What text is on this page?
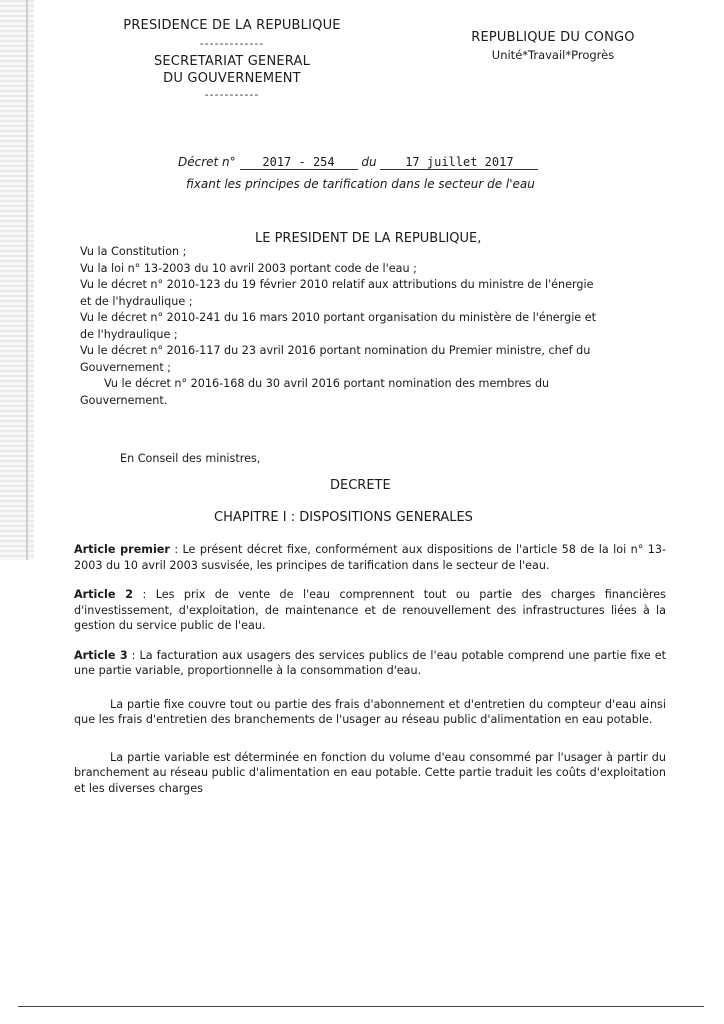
PRESIDENCE DE LA REPUBLIQUE
-------------
SECRETARIAT GENERAL
DU GOUVERNEMENT
-----------
REPUBLIQUE DU CONGO
Unité*Travail*Progrès
Décret n° 2017 - 254 du 17 juillet 2017
fixant les principes de tarification dans le secteur de l'eau
LE PRESIDENT DE LA REPUBLIQUE,

Vu la Constitution ;

Vu la loi n° 13-2003 du 10 avril 2003 portant code de l'eau ;

Vu le décret n° 2010-123 du 19 février 2010 relatif aux attributions du ministre de l'énergie

et de l'hydraulique ;

Vu le décret n° 2010-241 du 16 mars 2010 portant organisation du ministère de l'énergie et

de l'hydraulique ;

Vu le décret n° 2016-117 du 23 avril 2016 portant nomination du Premier ministre, chef du

Gouvernement ;

Vu le décret n° 2016-168 du 30 avril 2016 portant nomination des membres du

Gouvernement.

En Conseil des ministres,
DECRETE
CHAPITRE I : DISPOSITIONS GENERALES

Article premier : Le présent décret fixe, conformément aux dispositions de l'article 58 de la loi n° 13-2003 du 10 avril 2003 susvisée, les principes de tarification dans le secteur de l'eau.

Article 2 : Les prix de vente de l'eau comprennent tout ou partie des charges financières d'investissement, d'exploitation, de maintenance et de renouvellement des infrastructures liées à la gestion du service public de l'eau.

Article 3 : La facturation aux usagers des services publics de l'eau potable comprend une partie fixe et une partie variable, proportionnelle à la consommation d'eau.

La partie fixe couvre tout ou partie des frais d'abonnement et d'entretien du compteur d'eau ainsi que les frais d'entretien des branchements de l'usager au réseau public d'alimentation en eau potable.

La partie variable est déterminée en fonction du volume d'eau consommé par l'usager à partir du branchement au réseau public d'alimentation en eau potable. Cette partie traduit les coûts d'exploitation et les diverses charges
